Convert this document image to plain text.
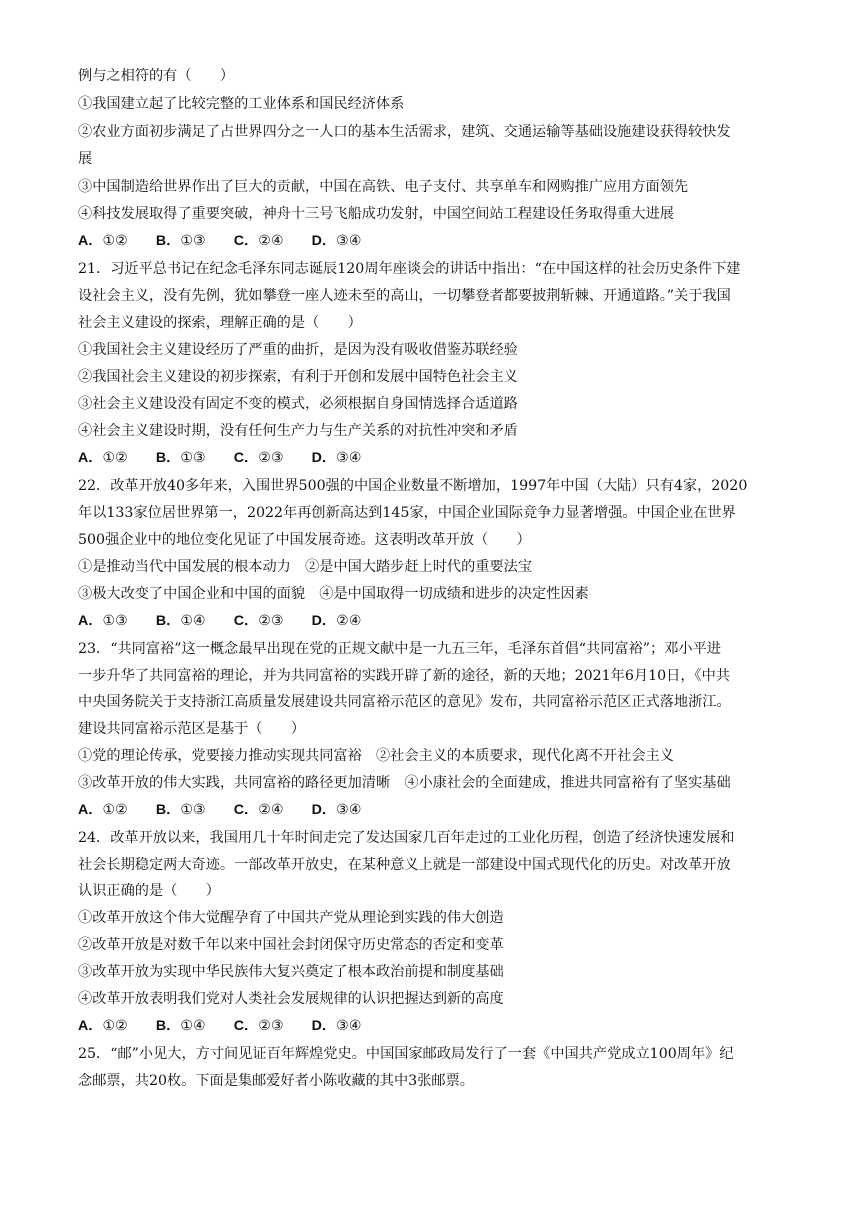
例与之相符的有（　　）
①我国建立起了比较完整的工业体系和国民经济体系
②农业方面初步满足了占世界四分之一人口的基本生活需求，建筑、交通运输等基础设施建设获得较快发
展
③中国制造给世界作出了巨大的贡献，中国在高铁、电子支付、共享单车和网购推广应用方面领先
④科技发展取得了重要突破，神舟十三号飞船成功发射，中国空间站工程建设任务取得重大进展
A．①② B．①③ C．②④ D．③④
21．习近平总书记在纪念毛泽东同志诞辰120周年座谈会的讲话中指出：“在中国这样的社会历史条件下建
设社会主义，没有先例，犹如攀登一座人迹未至的高山，一切攀登者都要披荆斩棘、开通道路。”关于我国
社会主义建设的探索，理解正确的是（　　）
①我国社会主义建设经历了严重的曲折，是因为没有吸收借鉴苏联经验
②我国社会主义建设的初步探索，有利于开创和发展中国特色社会主义
③社会主义建设没有固定不变的模式，必须根据自身国情选择合适道路
④社会主义建设时期，没有任何生产力与生产关系的对抗性冲突和矛盾
A．①② B．①③ C．②③ D．③④
22．改革开放40多年来，入围世界500强的中国企业数量不断增加，1997年中国（大陆）只有4家，2020
年以133家位居世界第一，2022年再创新高达到145家，中国企业国际竞争力显著增强。中国企业在世界
500强企业中的地位变化见证了中国发展奇迹。这表明改革开放（　　）
①是推动当代中国发展的根本动力　②是中国大踏步赶上时代的重要法宝
③极大改变了中国企业和中国的面貌　④是中国取得一切成绩和进步的决定性因素
A．①③ B．①④ C．②③ D．②④
23．“共同富裕”这一概念最早出现在党的正规文献中是一九五三年，毛泽东首倡“共同富裕”；邓小平进
一步升华了共同富裕的理论，并为共同富裕的实践开辟了新的途径，新的天地；2021年6月10日，《中共
中央国务院关于支持浙江高质量发展建设共同富裕示范区的意见》发布，共同富裕示范区正式落地浙江。
建设共同富裕示范区是基于（　　）
①党的理论传承，党要接力推动实现共同富裕　②社会主义的本质要求，现代化离不开社会主义
③改革开放的伟大实践，共同富裕的路径更加清晰　④小康社会的全面建成，推进共同富裕有了坚实基础
A．①② B．①③ C．②④ D．③④
24．改革开放以来，我国用几十年时间走完了发达国家几百年走过的工业化历程，创造了经济快速发展和
社会长期稳定两大奇迹。一部改革开放史，在某种意义上就是一部建设中国式现代化的历史。对改革开放
认识正确的是（　　）
①改革开放这个伟大觉醒孕育了中国共产党从理论到实践的伟大创造
②改革开放是对数千年以来中国社会封闭保守历史常态的否定和变革
③改革开放为实现中华民族伟大复兴奠定了根本政治前提和制度基础
④改革开放表明我们党对人类社会发展规律的认识把握达到新的高度
A．①② B．①④ C．②③ D．③④
25．“邮”小见大，方寸间见证百年辉煌党史。中国国家邮政局发行了一套《中国共产党成立100周年》纪
念邮票，共20枚。下面是集邮爱好者小陈收藏的其中3张邮票。
